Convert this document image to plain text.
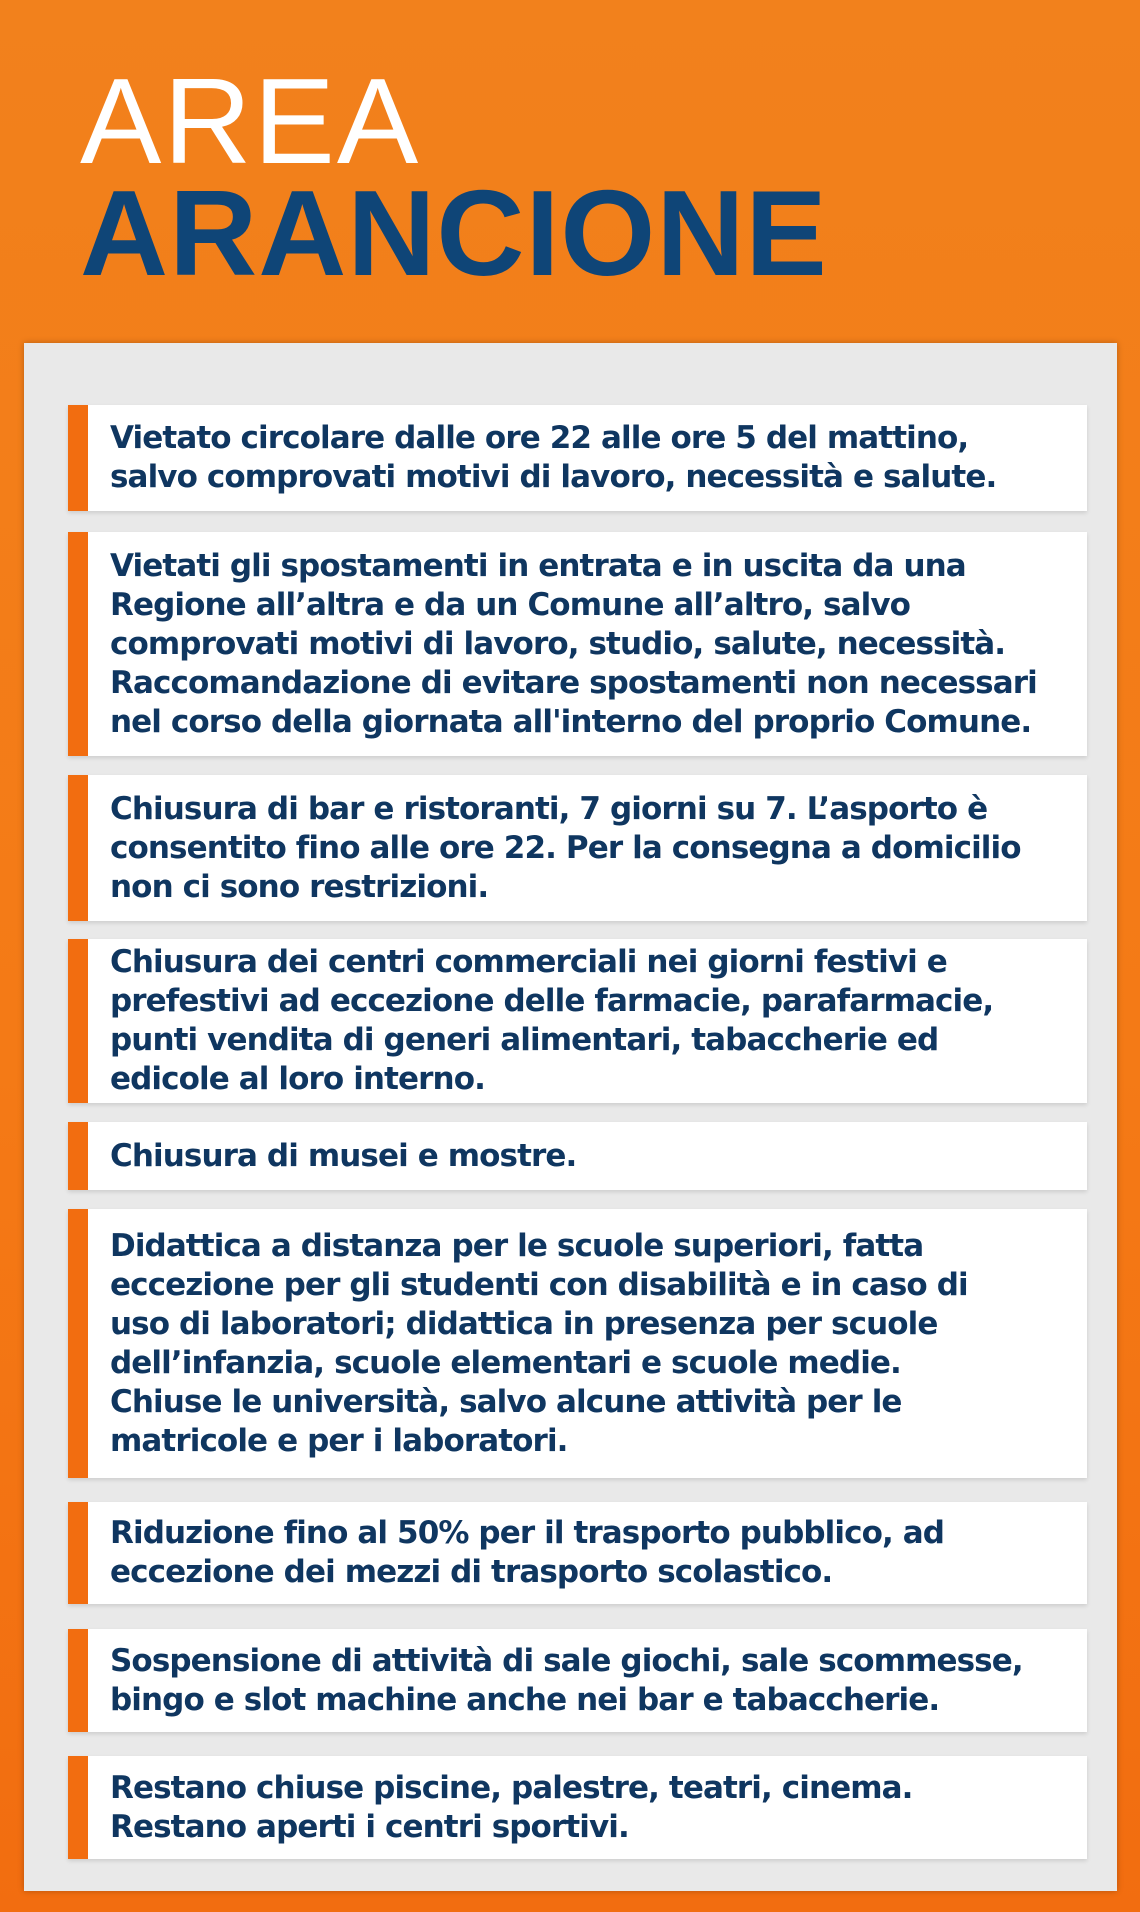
AREA
ARANCIONE
Vietato circolare dalle ore 22 alle ore 5 del mattino,
salvo comprovati motivi di lavoro, necessità e salute.
Vietati gli spostamenti in entrata e in uscita da una
Regione all’altra e da un Comune all’altro, salvo
comprovati motivi di lavoro, studio, salute, necessità.
Raccomandazione di evitare spostamenti non necessari
nel corso della giornata all'interno del proprio Comune.
Chiusura di bar e ristoranti, 7 giorni su 7. L’asporto è
consentito fino alle ore 22. Per la consegna a domicilio
non ci sono restrizioni.
Chiusura dei centri commerciali nei giorni festivi e
prefestivi ad eccezione delle farmacie, parafarmacie,
punti vendita di generi alimentari, tabaccherie ed
edicole al loro interno.
Chiusura di musei e mostre.
Didattica a distanza per le scuole superiori, fatta
eccezione per gli studenti con disabilità e in caso di
uso di laboratori; didattica in presenza per scuole
dell’infanzia, scuole elementari e scuole medie.
Chiuse le università, salvo alcune attività per le
matricole e per i laboratori.
Riduzione fino al 50% per il trasporto pubblico, ad
eccezione dei mezzi di trasporto scolastico.
Sospensione di attività di sale giochi, sale scommesse,
bingo e slot machine anche nei bar e tabaccherie.
Restano chiuse piscine, palestre, teatri, cinema.
Restano aperti i centri sportivi.
